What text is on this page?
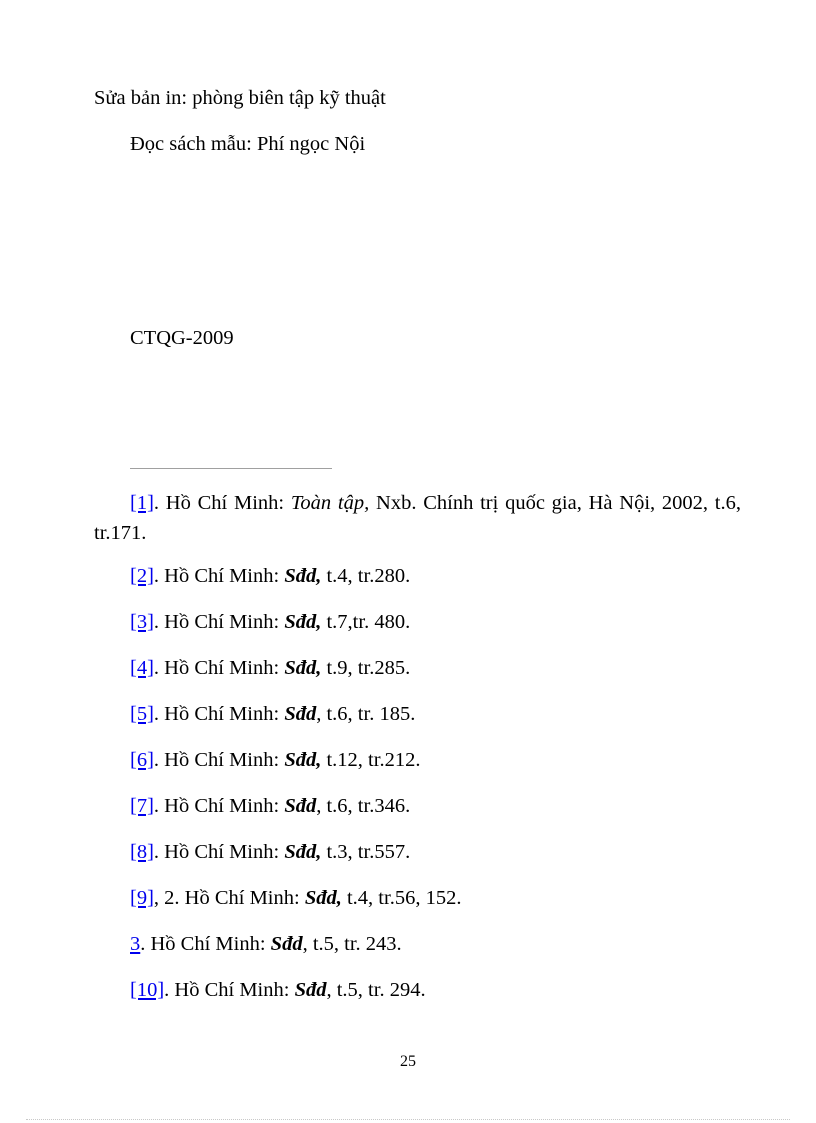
Sửa bản in: phòng biên tập kỹ thuật
Đọc sách mẫu: Phí ngọc Nội
CTQG-2009
[1]. Hồ Chí Minh: Toàn tập, Nxb. Chính trị quốc gia, Hà Nội, 2002, t.6, tr.171.
[2]. Hồ Chí Minh: Sđd, t.4, tr.280.
[3]. Hồ Chí Minh: Sđd, t.7,tr. 480.
[4]. Hồ Chí Minh: Sđd, t.9, tr.285.
[5]. Hồ Chí Minh: Sđd, t.6, tr. 185.
[6]. Hồ Chí Minh: Sđd, t.12, tr.212.
[7]. Hồ Chí Minh: Sđd, t.6, tr.346.
[8]. Hồ Chí Minh: Sđd, t.3, tr.557.
[9], 2. Hồ Chí Minh: Sđd, t.4, tr.56, 152.
3. Hồ Chí Minh: Sđd, t.5, tr. 243.
[10]. Hồ Chí Minh: Sđd, t.5, tr. 294.
25
